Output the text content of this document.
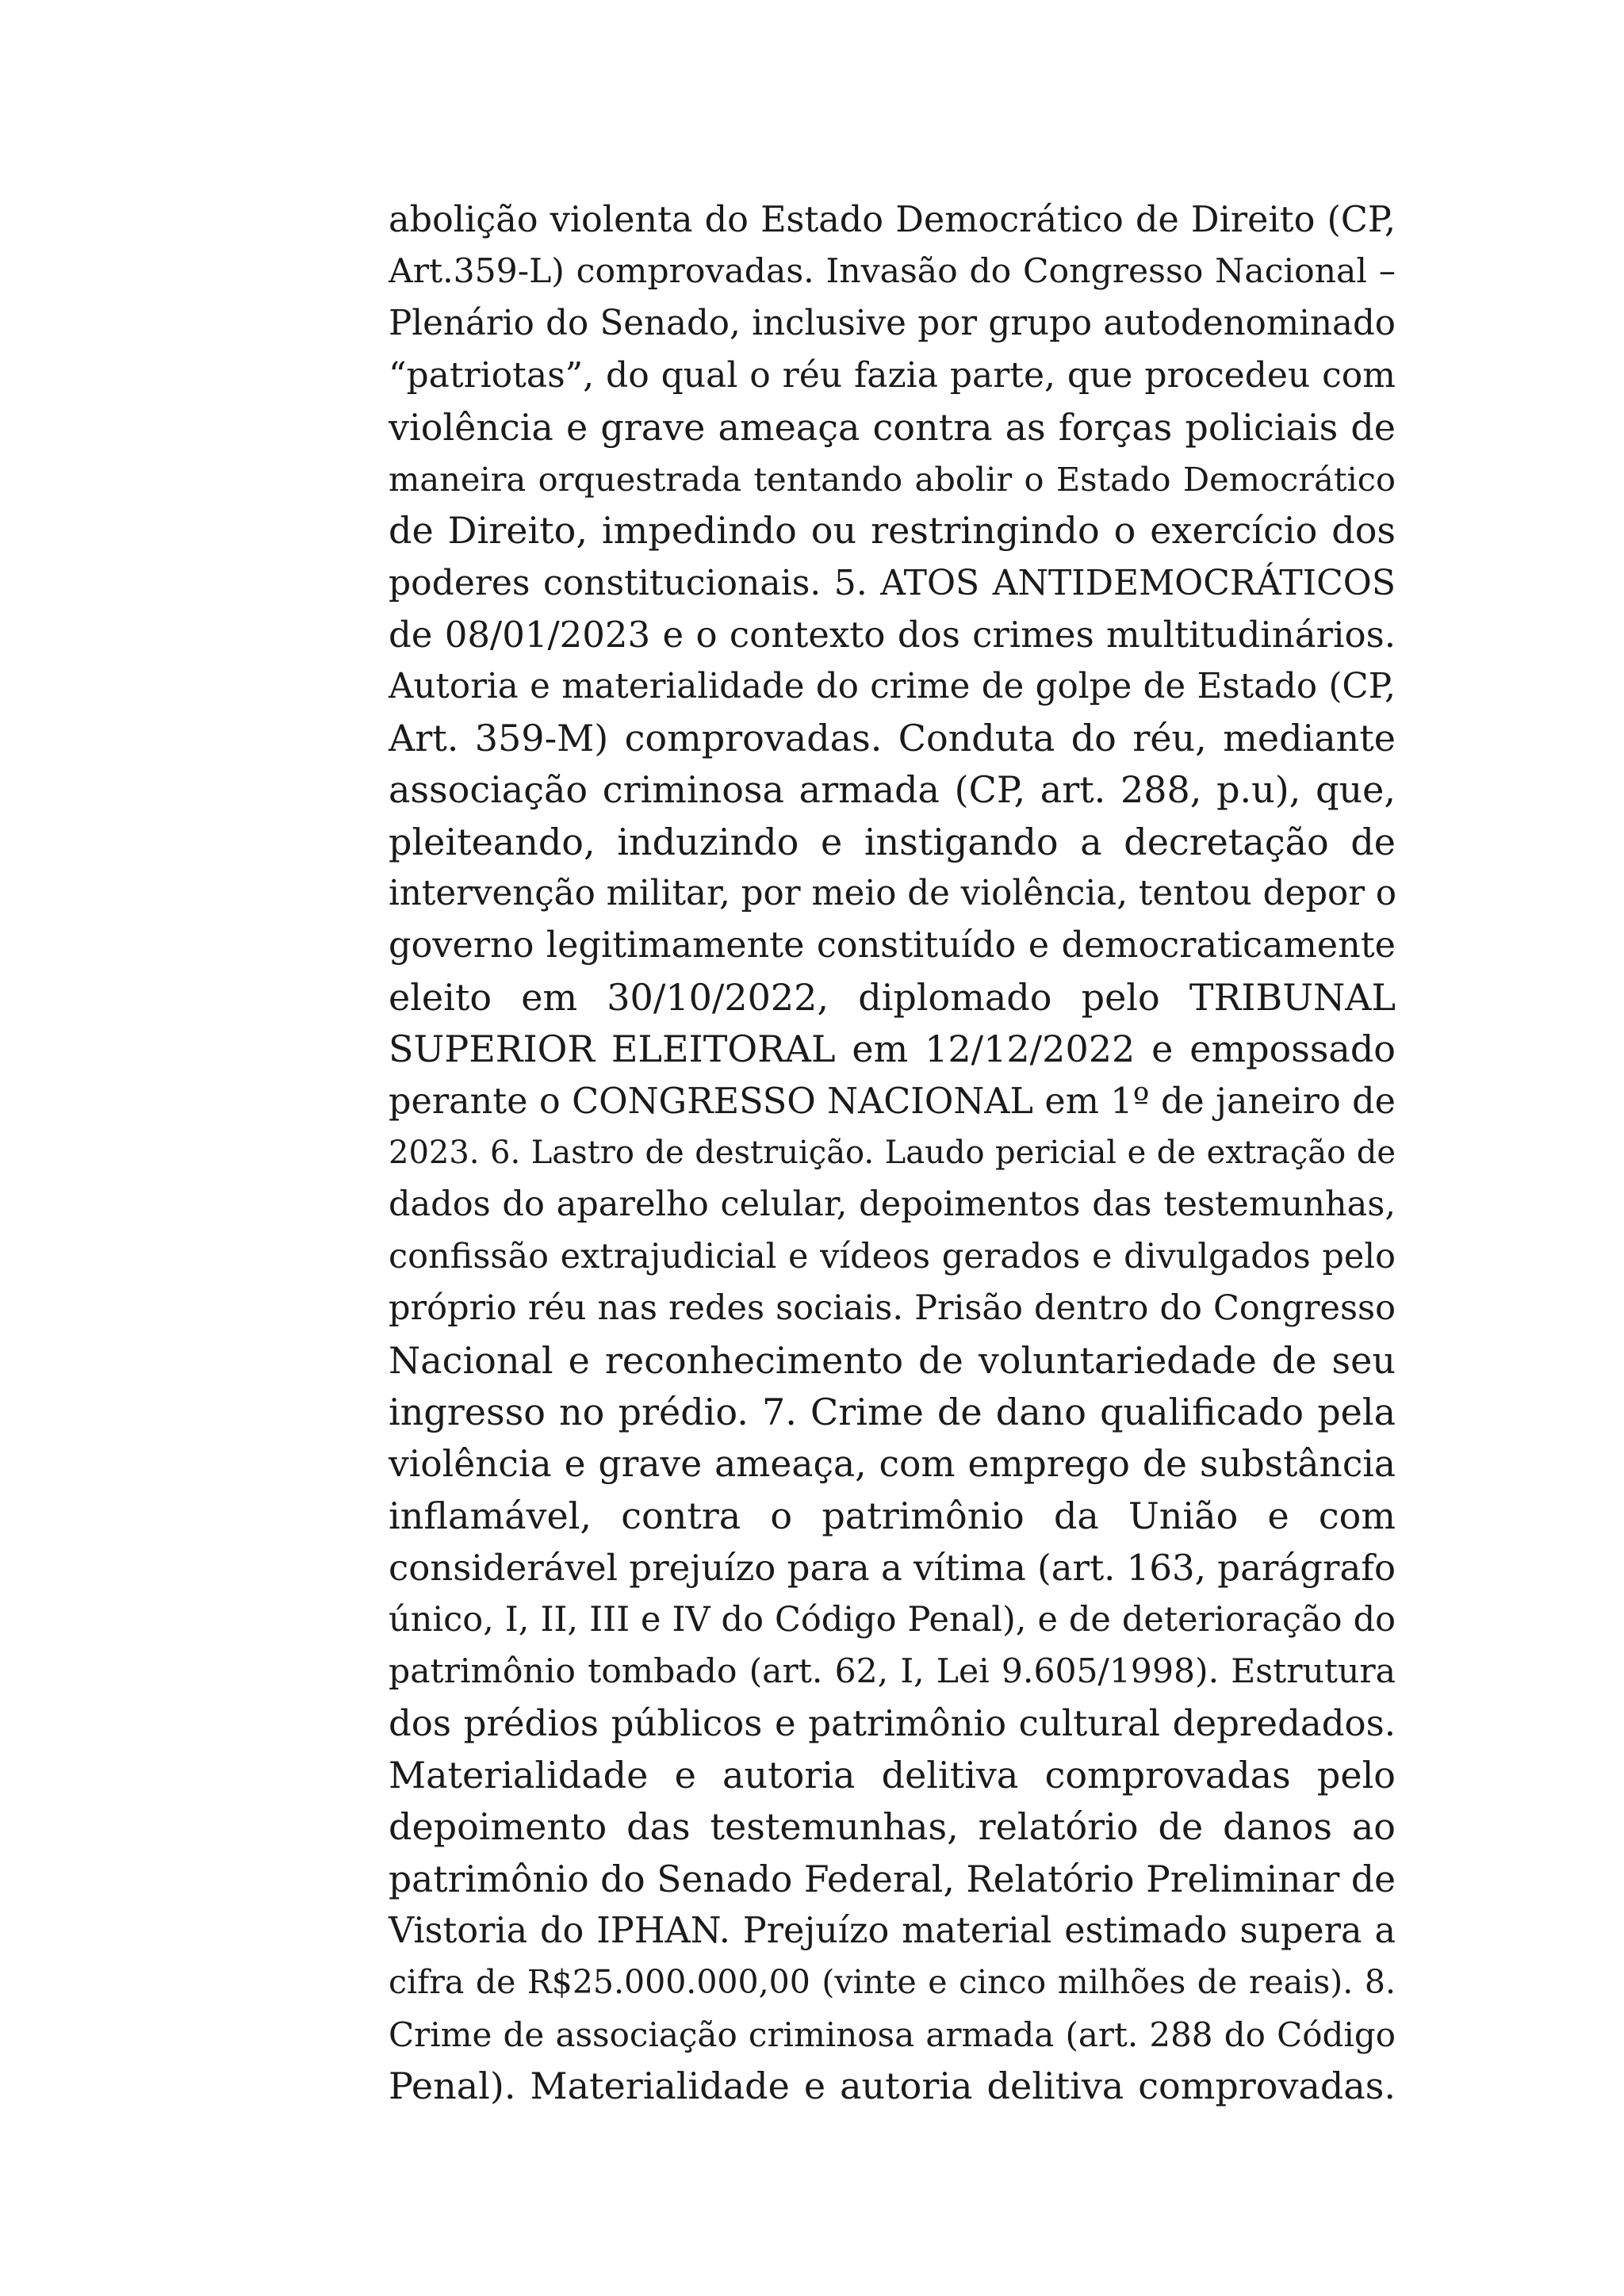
abolição violenta do Estado Democrático de Direito (CP,
Art.359-L) comprovadas. Invasão do Congresso Nacional –
Plenário do Senado, inclusive por grupo autodenominado
“patriotas”, do qual o réu fazia parte, que procedeu com
violência e grave ameaça contra as forças policiais de
maneira orquestrada tentando abolir o Estado Democrático
de Direito, impedindo ou restringindo o exercício dos
poderes constitucionais. 5. ATOS ANTIDEMOCRÁTICOS
de 08/01/2023 e o contexto dos crimes multitudinários.
Autoria e materialidade do crime de golpe de Estado (CP,
Art. 359-M) comprovadas. Conduta do réu, mediante
associação criminosa armada (CP, art. 288, p.u), que,
pleiteando, induzindo e instigando a decretação de
intervenção militar, por meio de violência, tentou depor o
governo legitimamente constituído e democraticamente
eleito em 30/10/2022, diplomado pelo TRIBUNAL
SUPERIOR ELEITORAL em 12/12/2022 e empossado
perante o CONGRESSO NACIONAL em 1º de janeiro de
2023. 6. Lastro de destruição. Laudo pericial e de extração de
dados do aparelho celular, depoimentos das testemunhas,
confissão extrajudicial e vídeos gerados e divulgados pelo
próprio réu nas redes sociais. Prisão dentro do Congresso
Nacional e reconhecimento de voluntariedade de seu
ingresso no prédio. 7. Crime de dano qualificado pela
violência e grave ameaça, com emprego de substância
inflamável, contra o patrimônio da União e com
considerável prejuízo para a vítima (art. 163, parágrafo
único, I, II, III e IV do Código Penal), e de deterioração do
patrimônio tombado (art. 62, I, Lei 9.605/1998). Estrutura
dos prédios públicos e patrimônio cultural depredados.
Materialidade e autoria delitiva comprovadas pelo
depoimento das testemunhas, relatório de danos ao
patrimônio do Senado Federal, Relatório Preliminar de
Vistoria do IPHAN. Prejuízo material estimado supera a
cifra de R$25.000.000,00 (vinte e cinco milhões de reais). 8.
Crime de associação criminosa armada (art. 288 do Código
Penal). Materialidade e autoria delitiva comprovadas.
